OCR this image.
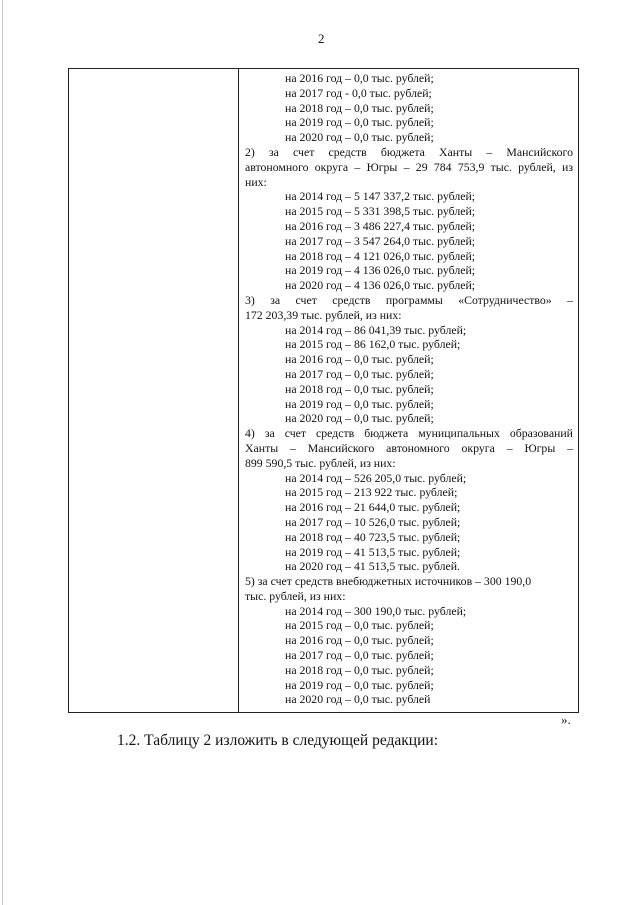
2
на 2016 год – 0,0 тыс. рублей;
на 2017 год - 0,0 тыс. рублей;
на 2018 год – 0,0 тыс. рублей;
на 2019 год – 0,0 тыс. рублей;
на 2020 год – 0,0 тыс. рублей;
2) за счет средств бюджета Ханты – Мансийского
автономного округа – Югры – 29 784 753,9 тыс. рублей, из
них:
на 2014 год – 5 147 337,2 тыс. рублей;
на 2015 год – 5 331 398,5 тыс. рублей;
на 2016 год – 3 486 227,4 тыс. рублей;
на 2017 год – 3 547 264,0 тыс. рублей;
на 2018 год – 4 121 026,0 тыс. рублей;
на 2019 год – 4 136 026,0 тыс. рублей;
на 2020 год – 4 136 026,0 тыс. рублей;
3) за счет средств программы «Сотрудничество» –
172 203,39 тыс. рублей, из них:
на 2014 год – 86 041,39 тыс. рублей;
на 2015 год – 86 162,0 тыс. рублей;
на 2016 год – 0,0 тыс. рублей;
на 2017 год – 0,0 тыс. рублей;
на 2018 год – 0,0 тыс. рублей;
на 2019 год – 0,0 тыс. рублей;
на 2020 год – 0,0 тыс. рублей;
4) за счет средств бюджета муниципальных образований
Ханты – Мансийского автономного округа – Югры –
899 590,5 тыс. рублей, из них:
на 2014 год – 526 205,0 тыс. рублей;
на 2015 год – 213 922 тыс. рублей;
на 2016 год – 21 644,0 тыс. рублей;
на 2017 год – 10 526,0 тыс. рублей;
на 2018 год – 40 723,5 тыс. рублей;
на 2019 год – 41 513,5 тыс. рублей;
на 2020 год – 41 513,5 тыс. рублей.
5) за счет средств внебюджетных источников – 300 190,0
тыс. рублей, из них:
на 2014 год – 300 190,0 тыс. рублей;
на 2015 год – 0,0 тыс. рублей;
на 2016 год – 0,0 тыс. рублей;
на 2017 год – 0,0 тыс. рублей;
на 2018 год – 0,0 тыс. рублей;
на 2019 год – 0,0 тыс. рублей;
на 2020 год – 0,0 тыс. рублей
».
1.2. Таблицу 2 изложить в следующей редакции:
